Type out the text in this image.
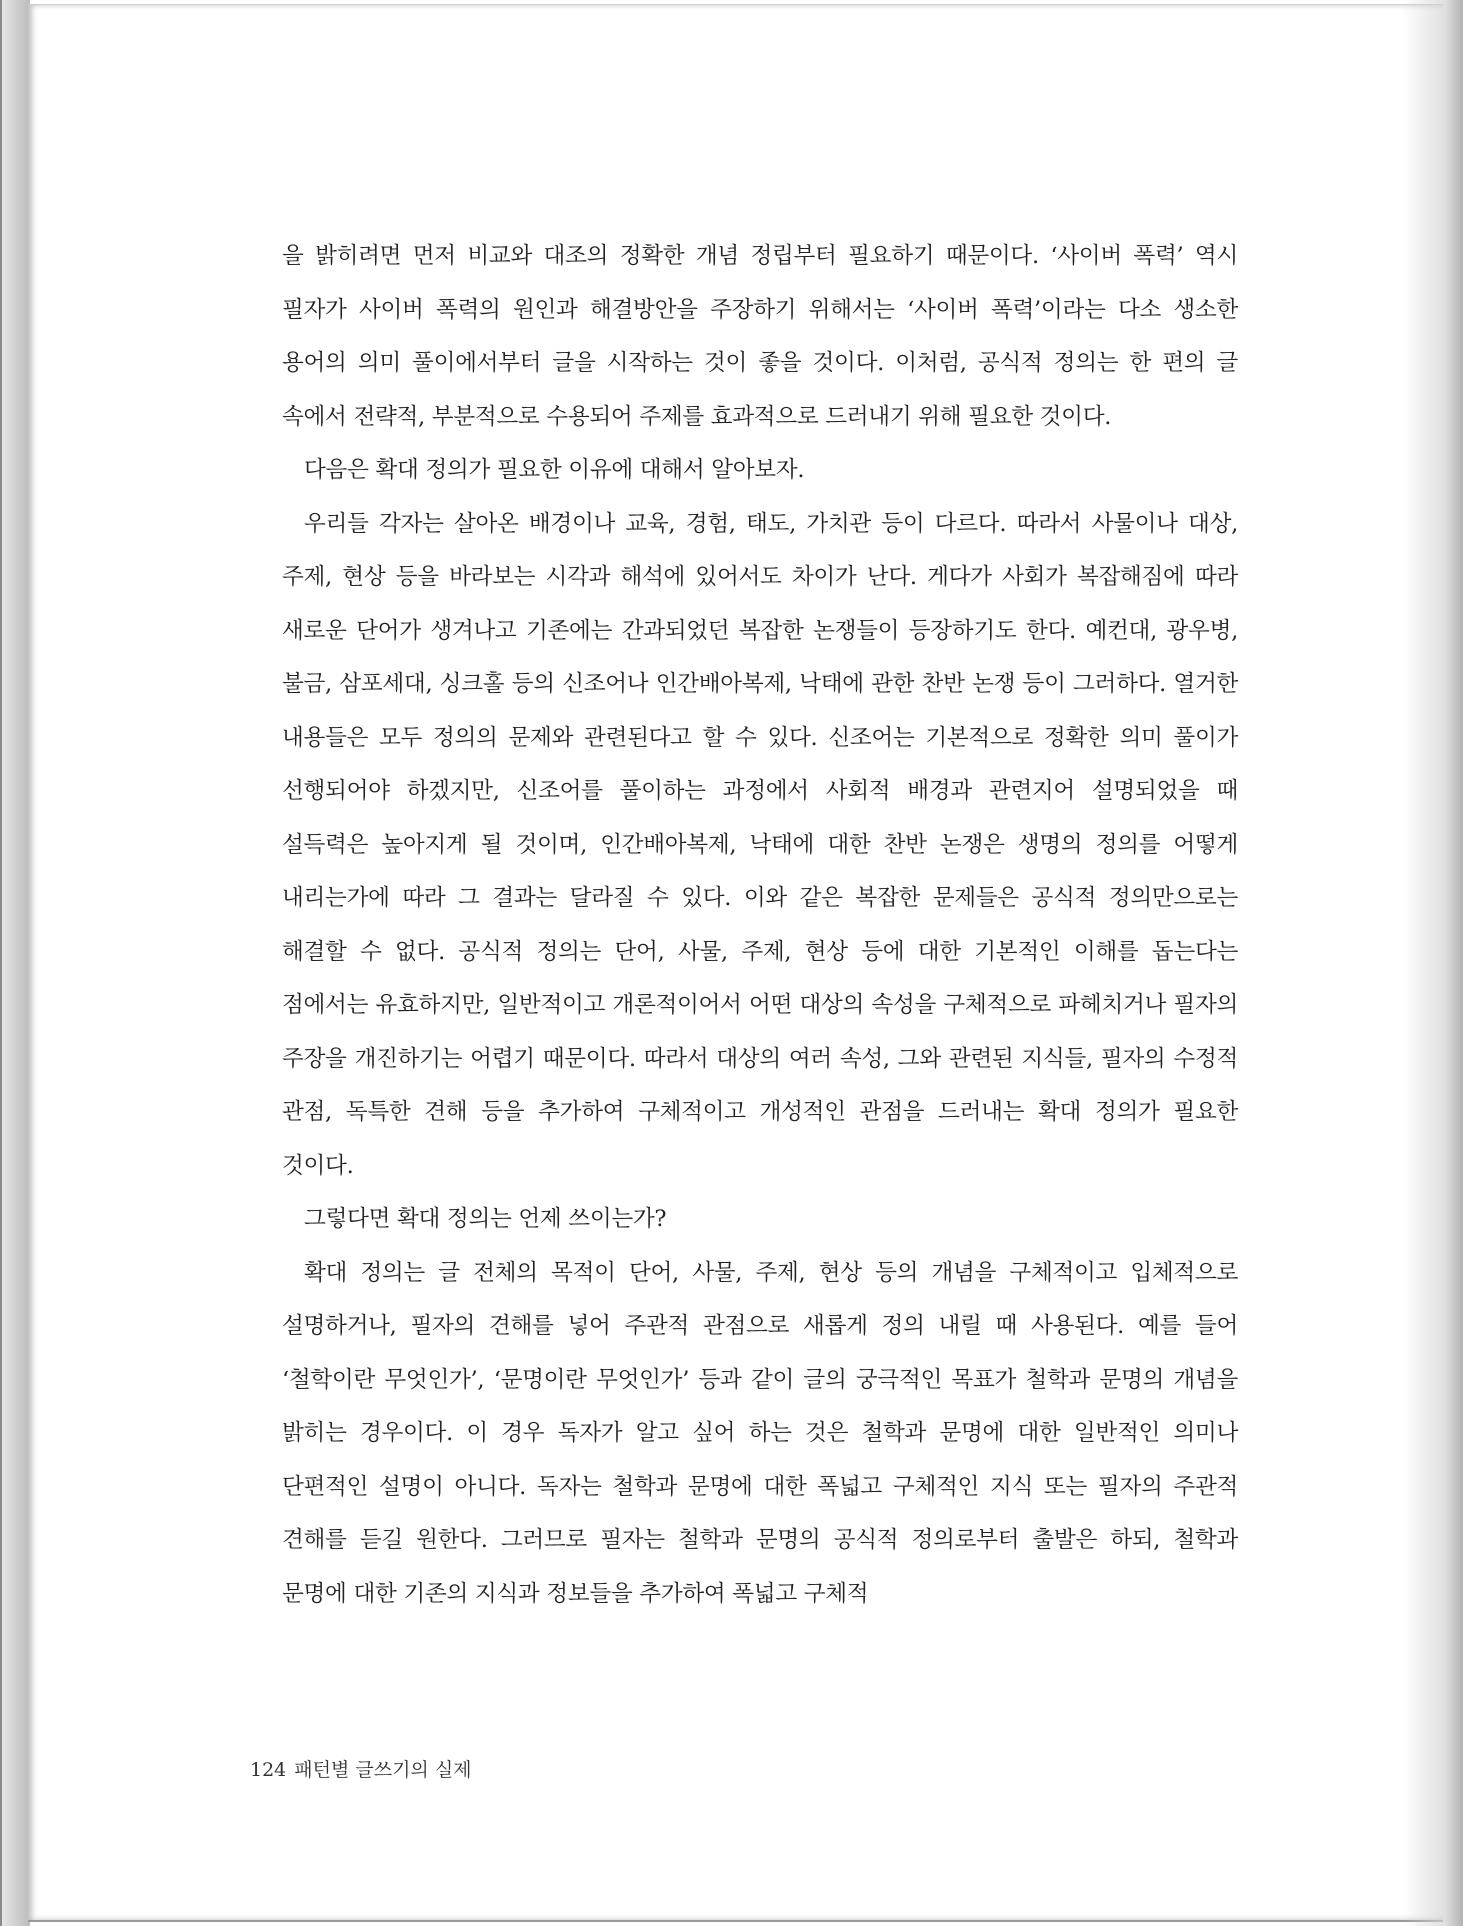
을 밝히려면 먼저 비교와 대조의 정확한 개념 정립부터 필요하기 때문이다. ‘사이버 폭력’ 역시 필자가 사이버 폭력의 원인과 해결방안을 주장하기 위해서는 ‘사이버 폭력’이라는 다소 생소한 용어의 의미 풀이에서부터 글을 시작하는 것이 좋을 것이다. 이처럼, 공식적 정의는 한 편의 글 속에서 전략적, 부분적으로 수용되어 주제를 효과적으로 드러내기 위해 필요한 것이다.

다음은 확대 정의가 필요한 이유에 대해서 알아보자.

우리들 각자는 살아온 배경이나 교육, 경험, 태도, 가치관 등이 다르다. 따라서 사물이나 대상, 주제, 현상 등을 바라보는 시각과 해석에 있어서도 차이가 난다. 게다가 사회가 복잡해짐에 따라 새로운 단어가 생겨나고 기존에는 간과되었던 복잡한 논쟁들이 등장하기도 한다. 예컨대, 광우병, 불금, 삼포세대, 싱크홀 등의 신조어나 인간배아복제, 낙태에 관한 찬반 논쟁 등이 그러하다. 열거한 내용들은 모두 정의의 문제와 관련된다고 할 수 있다. 신조어는 기본적으로 정확한 의미 풀이가 선행되어야 하겠지만, 신조어를 풀이하는 과정에서 사회적 배경과 관련지어 설명되었을 때 설득력은 높아지게 될 것이며, 인간배아복제, 낙태에 대한 찬반 논쟁은 생명의 정의를 어떻게 내리는가에 따라 그 결과는 달라질 수 있다. 이와 같은 복잡한 문제들은 공식적 정의만으로는 해결할 수 없다. 공식적 정의는 단어, 사물, 주제, 현상 등에 대한 기본적인 이해를 돕는다는 점에서는 유효하지만, 일반적이고 개론적이어서 어떤 대상의 속성을 구체적으로 파헤치거나 필자의 주장을 개진하기는 어렵기 때문이다. 따라서 대상의 여러 속성, 그와 관련된 지식들, 필자의 수정적 관점, 독특한 견해 등을 추가하여 구체적이고 개성적인 관점을 드러내는 확대 정의가 필요한 것이다.

그렇다면 확대 정의는 언제 쓰이는가?

확대 정의는 글 전체의 목적이 단어, 사물, 주제, 현상 등의 개념을 구체적이고 입체적으로 설명하거나, 필자의 견해를 넣어 주관적 관점으로 새롭게 정의 내릴 때 사용된다. 예를 들어 ‘철학이란 무엇인가’, ‘문명이란 무엇인가’ 등과 같이 글의 궁극적인 목표가 철학과 문명의 개념을 밝히는 경우이다. 이 경우 독자가 알고 싶어 하는 것은 철학과 문명에 대한 일반적인 의미나 단편적인 설명이 아니다. 독자는 철학과 문명에 대한 폭넓고 구체적인 지식 또는 필자의 주관적 견해를 듣길 원한다. 그러므로 필자는 철학과 문명의 공식적 정의로부터 출발은 하되, 철학과 문명에 대한 기존의 지식과 정보들을 추가하여 폭넓고 구체적

124 패턴별 글쓰기의 실제
